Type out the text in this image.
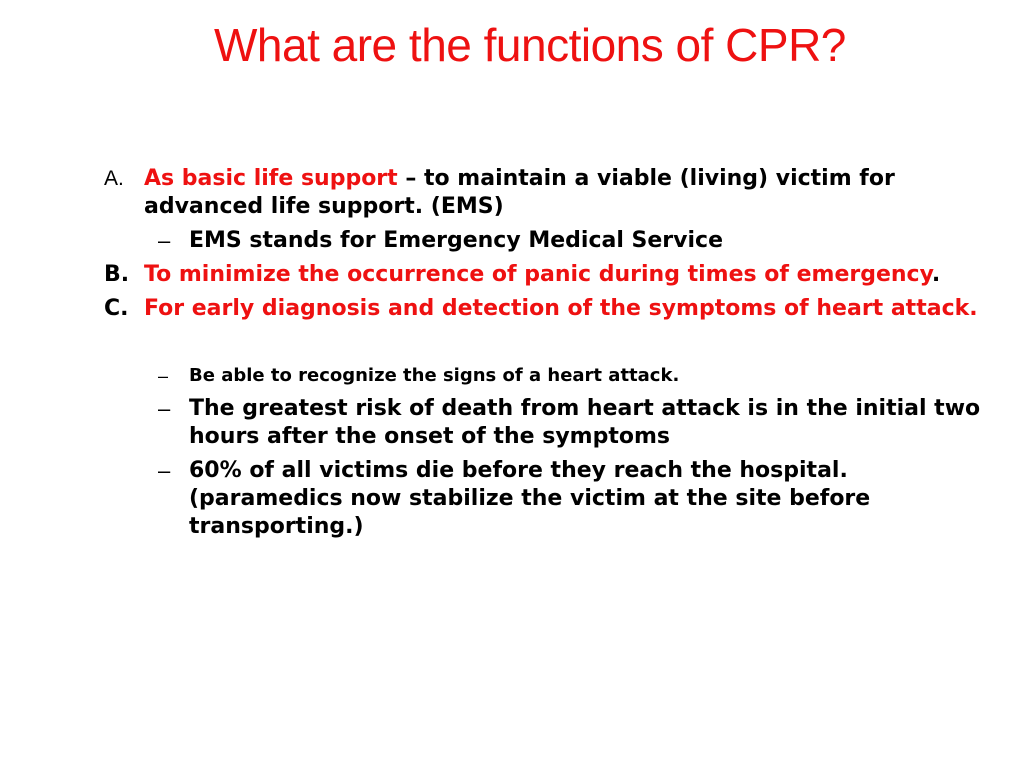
What are the functions of CPR?
A. As basic life support – to maintain a viable (living) victim for advanced life support. (EMS)
– EMS stands for Emergency Medical Service
B. To minimize the occurrence of panic during times of emergency.
C. For early diagnosis and detection of the symptoms of heart attack.
– Be able to recognize the signs of a heart attack.
– The greatest risk of death from heart attack is in the initial two hours after the onset of the symptoms
– 60% of all victims die before they reach the hospital. (paramedics now stabilize the victim at the site before transporting.)
